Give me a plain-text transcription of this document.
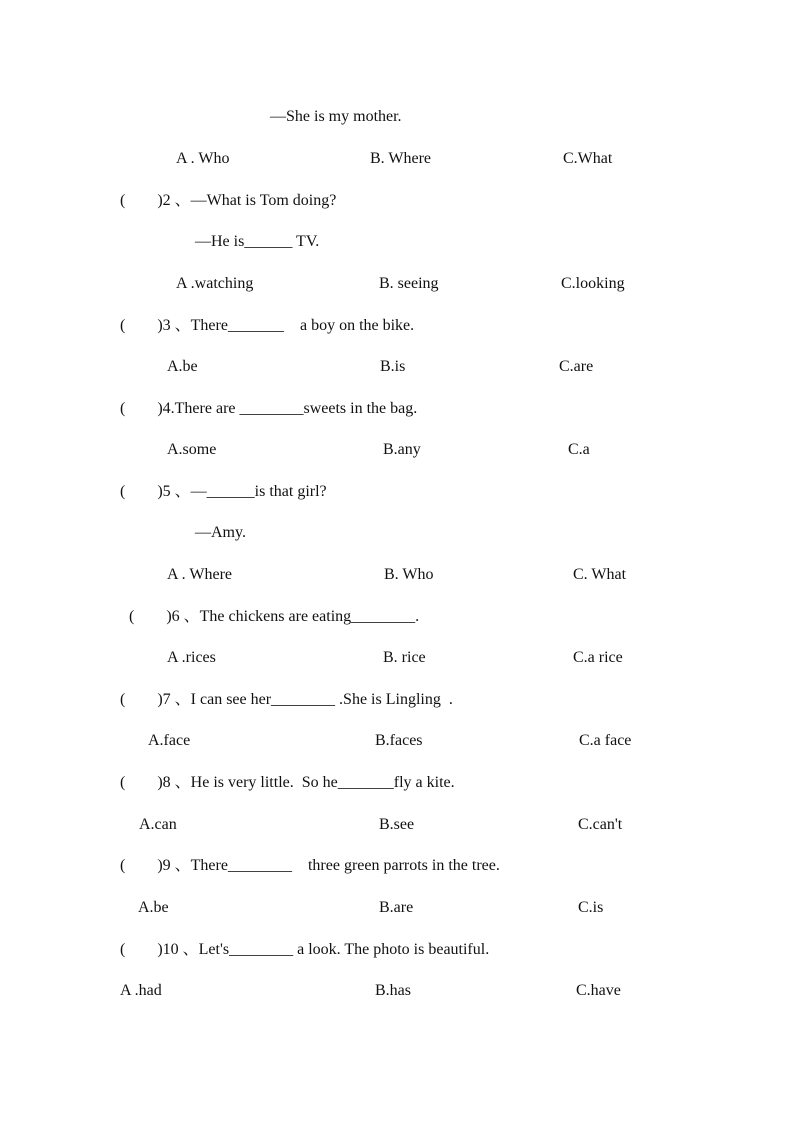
—She is my mother.
A . Who	B. Where	C.What
(        )2 、—What is Tom doing?
—He is______ TV.
A .watching	B. seeing	C.looking
(        )3 、There_______    a boy on the bike.
A.be	B.is	C.are
(        )4.There are ________sweets in the bag.
A.some	B.any	C.a
(        )5 、—______is that girl?
—Amy.
A . Where	B. Who	C. What
(        )6 、The chickens are eating________.
A .rices	B. rice	C.a rice
(        )7 、I can see her________ .She is Lingling  .
A.face	B.faces	C.a face
(        )8 、He is very little.  So he_______fly a kite.
A.can	B.see	C.can't
(        )9 、There________    three green parrots in the tree.
A.be	B.are	C.is
(        )10 、Let's________ a look. The photo is beautiful.
A .had	B.has	C.have
